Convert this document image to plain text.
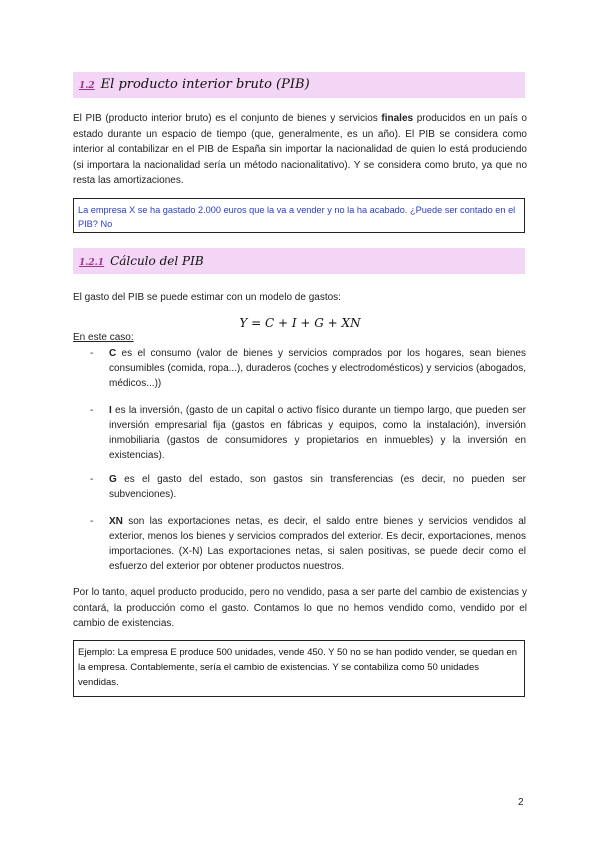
1.2 El producto interior bruto (PIB)
El PIB (producto interior bruto) es el conjunto de bienes y servicios finales producidos en un país o estado durante un espacio de tiempo (que, generalmente, es un año). El PIB se considera como interior al contabilizar en el PIB de España sin importar la nacionalidad de quien lo está produciendo (si importara la nacionalidad sería un método nacionalitativo). Y se considera como bruto, ya que no resta las amortizaciones.
La empresa X se ha gastado 2.000 euros que la va a vender y no la ha acabado. ¿Puede ser contado en el PIB? No
1.2.1 Cálculo del PIB
El gasto del PIB se puede estimar con un modelo de gastos:
Y = C + I + G + XN
En este caso:
- C es el consumo (valor de bienes y servicios comprados por los hogares, sean bienes consumibles (comida, ropa...), duraderos (coches y electrodomésticos) y servicios (abogados, médicos...))
- I es la inversión, (gasto de un capital o activo físico durante un tiempo largo, que pueden ser inversión empresarial fija (gastos en fábricas y equipos, como la instalación), inversión inmobiliaria (gastos de consumidores y propietarios en inmuebles) y la inversión en existencias).
- G es el gasto del estado, son gastos sin transferencias (es decir, no pueden ser subvenciones).
- XN son las exportaciones netas, es decir, el saldo entre bienes y servicios vendidos al exterior, menos los bienes y servicios comprados del exterior. Es decir, exportaciones, menos importaciones. (X-N) Las exportaciones netas, si salen positivas, se puede decir como el esfuerzo del exterior por obtener productos nuestros.
Por lo tanto, aquel producto producido, pero no vendido, pasa a ser parte del cambio de existencias y contará, la producción como el gasto. Contamos lo que no hemos vendido como, vendido por el cambio de existencias.
Ejemplo: La empresa E produce 500 unidades, vende 450. Y 50 no se han podido vender, se quedan en la empresa. Contablemente, sería el cambio de existencias. Y se contabiliza como 50 unidades vendidas.
2
